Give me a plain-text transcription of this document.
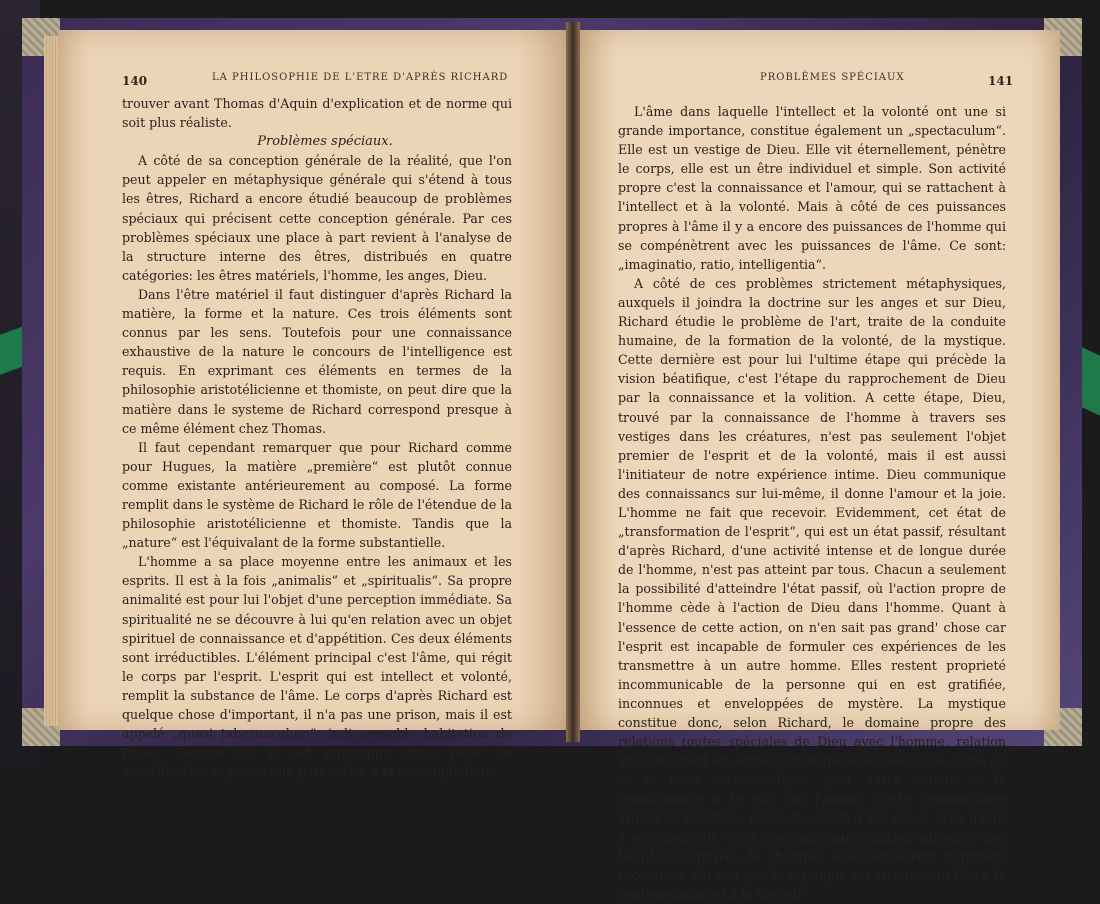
140	LA PHILOSOPHIE DE L'ETRE D'APRÈS RICHARD

trouver avant Thomas d'Aquin d'explication et de norme qui soit plus réaliste.

Problèmes spéciaux.

A côté de sa conception générale de la réalité, que l'on peut appeler en métaphysique générale qui s'étend à tous les êtres, Richard a encore étudié beaucoup de problèmes spéciaux qui précisent cette conception générale. Par ces problèmes spéciaux une place à part revient à l'analyse de la structure interne des êtres, distribués en quatre catégories: les êtres matériels, l'homme, les anges, Dieu.

Dans l'être matériel il faut distinguer d'après Richard la matière, la forme et la nature. Ces trois éléments sont connus par les sens. Toutefois pour une connaissance exhaustive de la nature le concours de l'intelligence est requis. En exprimant ces éléments en termes de la philosophie aristotélicienne et thomiste, on peut dire que la matière dans le systeme de Richard correspond presque à ce même élément chez Thomas.

Il faut cependant remarquer que pour Richard comme pour Hugues, la matière „première“ est plutôt connue comme existante antérieurement au composé. La forme remplit dans le système de Richard le rôle de l'étendue de la philosophie aristotélicienne et thomiste. Tandis que la „nature“ est l'équivalant de la forme substantielle.

L'homme a sa place moyenne entre les animaux et les esprits. Il est à la fois „animalis“ et „spiritualis“. Sa propre animalité est pour lui l'objet d'une perception immédiate. Sa spiritualité ne se découvre à lui qu'en relation avec un objet spirituel de connaissance et d'appétition. Ces deux éléments sont irréductibles. L'élément principal c'est l'âme, qui régit le corps par l'esprit. L'esprit qui est intellect et volonté, remplit la substance de l'âme. Le corps d'après Richard est quelque chose d'important, il n'a pas une prison, mais il est appelé „quasi tabernaculum“, indispensable habitation de l'âme. Comme tel il est enveloppé dans l'état de sanctification et prend une part active à la contemplation.

PROBLÈMES SPÉCIAUX	141

L'âme dans laquelle l'intellect et la volonté ont une si grande importance, constitue également un „spectaculum“. Elle est un vestige de Dieu. Elle vit éternellement, pénètre le corps, elle est un être individuel et simple. Son activité propre c'est la connaissance et l'amour, qui se rattachent à l'intellect et à la volonté. Mais à côté de ces puissances propres à l'âme il y a encore des puissances de l'homme qui se compénètrent avec les puissances de l'âme. Ce sont: „imaginatio, ratio, intelligentia“.

A côté de ces problèmes strictement métaphysiques, auxquels il joindra la doctrine sur les anges et sur Dieu, Richard étudie le problème de l'art, traite de la conduite humaine, de la formation de la volonté, de la mystique. Cette dernière est pour lui l'ultime étape qui précède la vision béatifique, c'est l'étape du rapprochement de Dieu par la connaissance et la volition. A cette étape, Dieu, trouvé par la connaissance de l'homme à travers ses vestiges dans les créatures, n'est pas seulement l'objet premier de l'esprit et de la volonté, mais il est aussi l'initiateur de notre expérience intime. Dieu communique des connaissancs sur lui-même, il donne l'amour et la joie. L'homme ne fait que recevoir. Evidemment, cet état de „transformation de l'esprit“, qui est un état passif, résultant d'après Richard, d'une activité intense et de longue durée de l'homme, n'est pas atteint par tous. Chacun a seulement la possibilité d'atteindre l'état passif, où l'action propre de l'homme cède à l'action de Dieu dans l'homme. Quant à l'essence de cette action, on n'en sait pas grand' chose car l'esprit est incapable de formuler ces expériences de les transmettre à un autre homme. Elles restent proprieté incommunicable de la personne qui en est gratifiée, inconnues et enveloppées de mystère. La mystique constitue donc, selon Richard, le domaine propre des relations toutes spéciales de Dieu avec l'homme, relation qui consistent en amitié surnaturelle de Dieu et de l'âme où — et c'est caractéristique pour natre auteur — la connaissance a le pas sur l'amour. Cette connaissance atteint sa plénitude naturelle quant à son objet, mais quant à son mode elle s'effectue sans participation agissante des facultés cognitives de l'homme: elles demeurent purement réceptives. On voit que la mystique est étroitement liée à la contemplation et à la vie reli-
